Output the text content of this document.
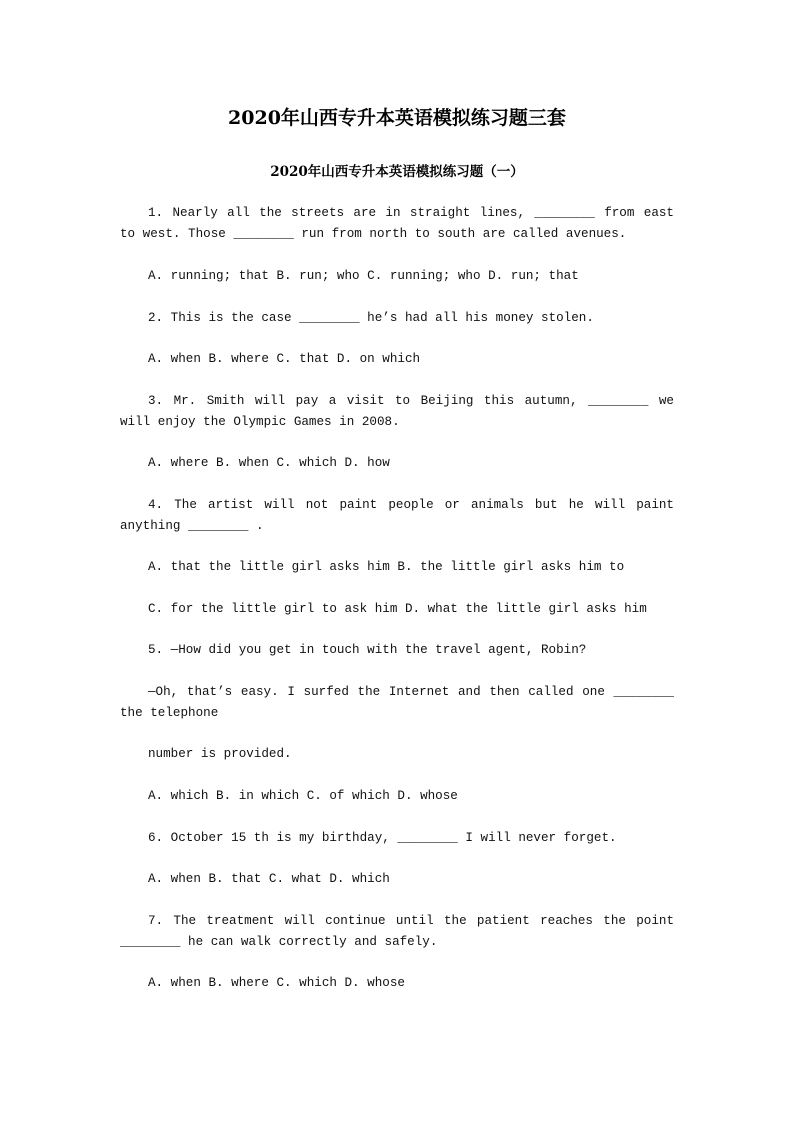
2020年山西专升本英语模拟练习题三套
2020年山西专升本英语模拟练习题（一）
1. Nearly all the streets are in straight lines, ________ from east to west. Those ________ run from north to south are called avenues.
A. running; that B. run; who C. running; who D. run; that
2. This is the case ________ he’s had all his money stolen.
A. when B. where C. that D. on which
3. Mr. Smith will pay a visit to Beijing this autumn, ________ we will enjoy the Olympic Games in 2008.
A. where B. when C. which D. how
4. The artist will not paint people or animals but he will paint anything ________ .
A. that the little girl asks him B. the little girl asks him to
C. for the little girl to ask him D. what the little girl asks him
5. —How did you get in touch with the travel agent, Robin?
—Oh, that’s easy. I surfed the Internet and then called one ________ the telephone
number is provided.
A. which B. in which C. of which D. whose
6. October 15 th is my birthday, ________ I will never forget.
A. when B. that C. what D. which
7. The treatment will continue until the patient reaches the point ________ he can walk correctly and safely.
A. when B. where C. which D. whose
